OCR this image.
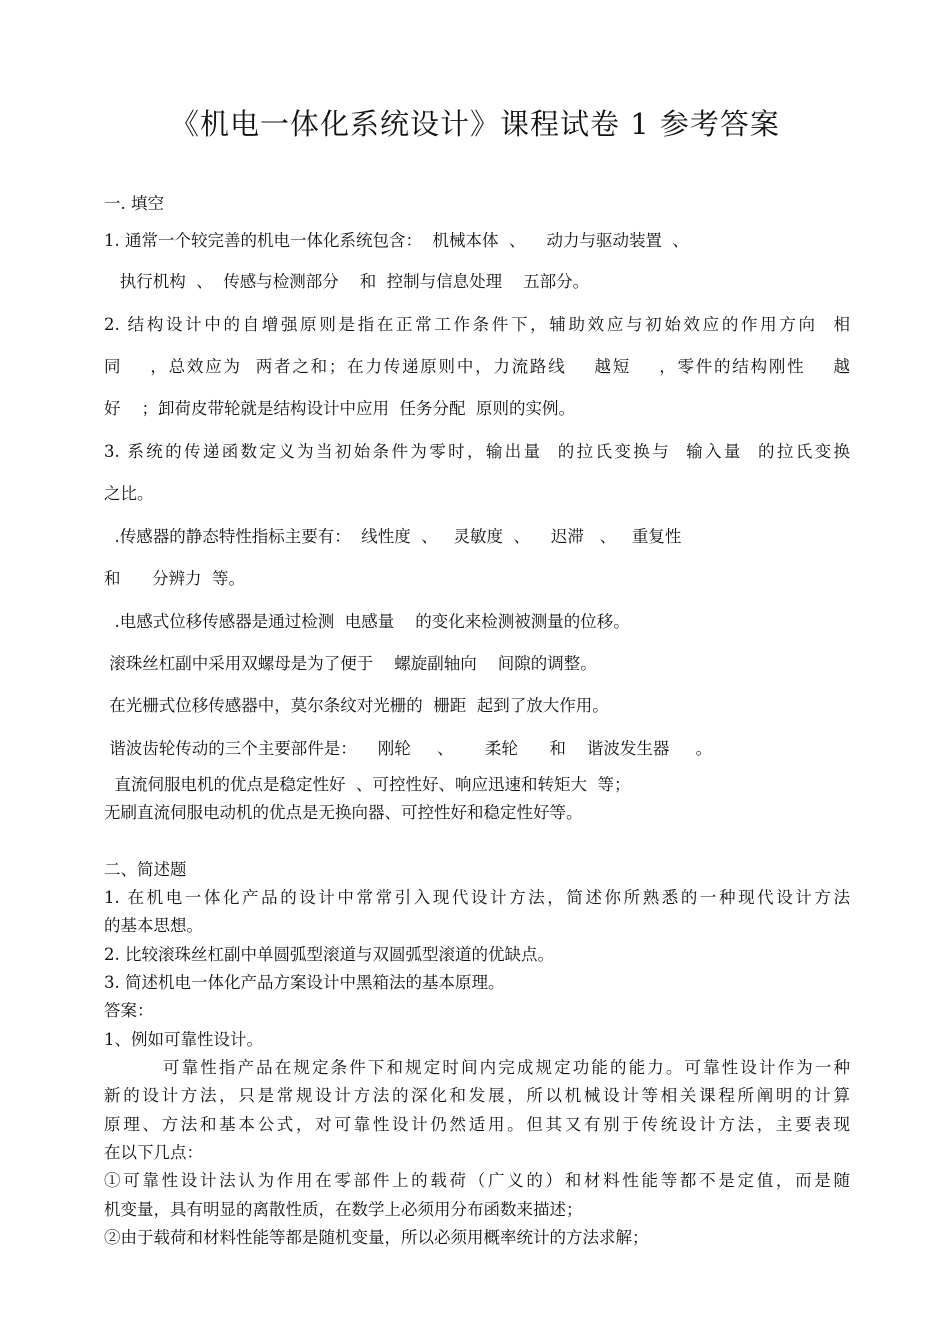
《机电一体化系统设计》课程试卷 1 参考答案
一. 填空
1. 通常一个较完善的机电一体化系统包含：  机械本体  、    动力与驱动装置  、
执行机构  、  传感与检测部分    和  控制与信息处理    五部分。
2. 结构设计中的自增强原则是指在正常工作条件下，辅助效应与初始效应的作用方向  相
同    ，总效应为  两者之和；在力传递原则中，力流路线    越短    ，零件的结构刚性    越
好    ；卸荷皮带轮就是结构设计中应用  任务分配  原则的实例。
3. 系统的传递函数定义为当初始条件为零时，输出量  的拉氏变换与  输入量  的拉氏变换
之比。
.传感器的静态特性指标主要有：  线性度  、   灵敏度  、    迟滞   、   重复性
和      分辨力  等。
.电感式位移传感器是通过检测  电感量    的变化来检测被测量的位移。
滚珠丝杠副中采用双螺母是为了便于    螺旋副轴向    间隙的调整。
在光栅式位移传感器中，莫尔条纹对光栅的  栅距  起到了放大作用。
谐波齿轮传动的三个主要部件是：    刚轮     、      柔轮      和    谐波发生器     。
直流伺服电机的优点是稳定性好  、可控性好、响应迅速和转矩大  等；
无刷直流伺服电动机的优点是无换向器、可控性好和稳定性好等。
二、简述题
1. 在机电一体化产品的设计中常常引入现代设计方法，简述你所熟悉的一种现代设计方法
的基本思想。
2. 比较滚珠丝杠副中单圆弧型滚道与双圆弧型滚道的优缺点。
3. 简述机电一体化产品方案设计中黑箱法的基本原理。
答案：
1、例如可靠性设计。
可靠性指产品在规定条件下和规定时间内完成规定功能的能力。可靠性设计作为一种
新的设计方法，只是常规设计方法的深化和发展，所以机械设计等相关课程所阐明的计算
原理、方法和基本公式，对可靠性设计仍然适用。但其又有别于传统设计方法，主要表现
在以下几点：
①可靠性设计法认为作用在零部件上的载荷（广义的）和材料性能等都不是定值，而是随
机变量，具有明显的离散性质，在数学上必须用分布函数来描述；
②由于载荷和材料性能等都是随机变量，所以必须用概率统计的方法求解；
